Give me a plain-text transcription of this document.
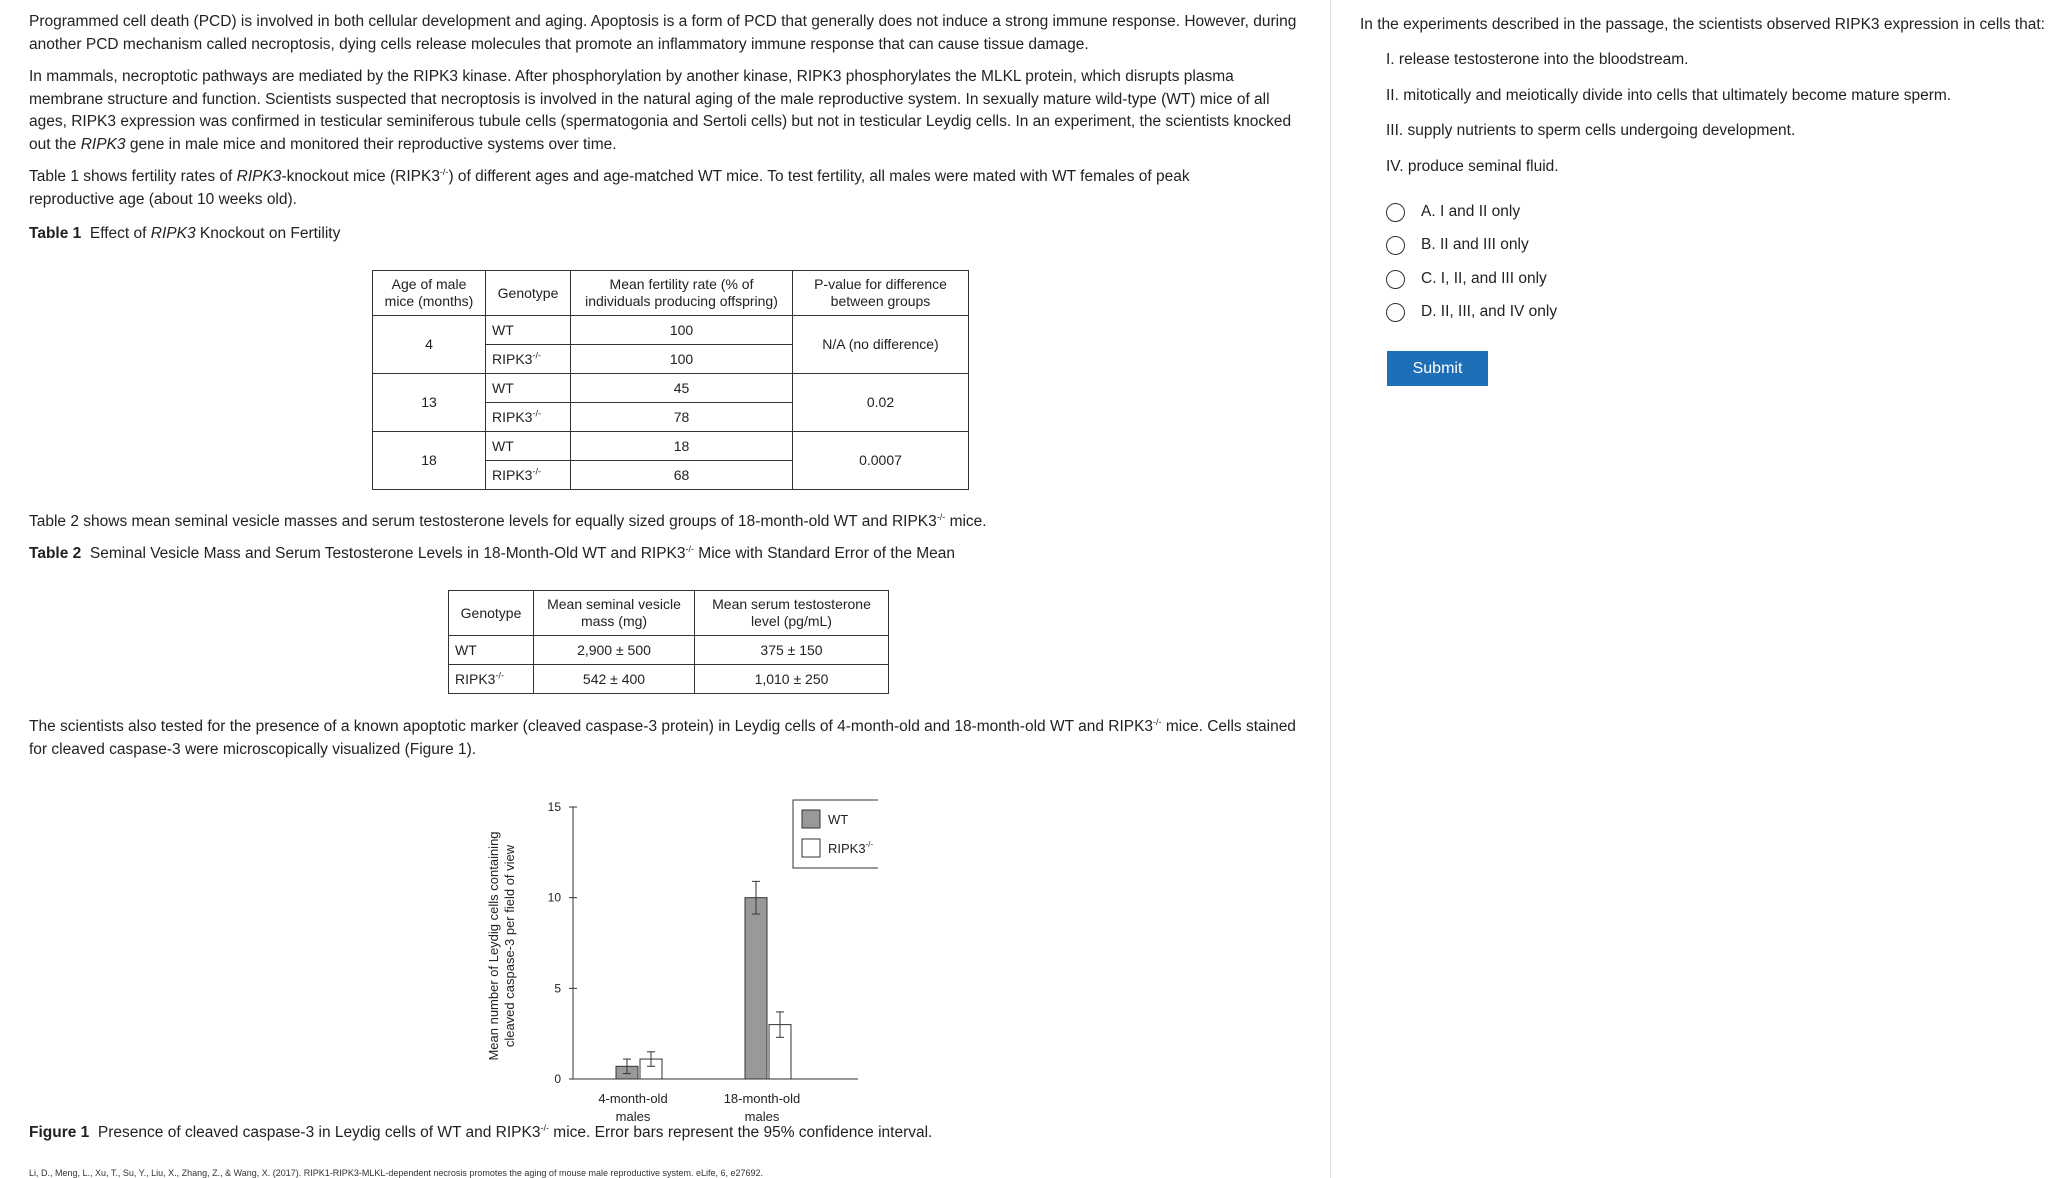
Programmed cell death (PCD) is involved in both cellular development and aging. Apoptosis is a form of PCD that generally does not induce a strong immune response. However, during another PCD mechanism called necroptosis, dying cells release molecules that promote an inflammatory immune response that can cause tissue damage.

In mammals, necroptotic pathways are mediated by the RIPK3 kinase. After phosphorylation by another kinase, RIPK3 phosphorylates the MLKL protein, which disrupts plasma membrane structure and function. Scientists suspected that necroptosis is involved in the natural aging of the male reproductive system. In sexually mature wild-type (WT) mice of all ages, RIPK3 expression was confirmed in testicular seminiferous tubule cells (spermatogonia and Sertoli cells) but not in testicular Leydig cells. In an experiment, the scientists knocked out the RIPK3 gene in male mice and monitored their reproductive systems over time.

Table 1 shows fertility rates of RIPK3-knockout mice (RIPK3-/-) of different ages and age-matched WT mice. To test fertility, all males were mated with WT females of peak reproductive age (about 10 weeks old).

Table 1 Effect of RIPK3 Knockout on Fertility
Age of male mice (months)	Genotype	Mean fertility rate (% of individuals producing offspring)	P-value for difference between groups
4	WT	100	N/A (no difference)
	RIPK3-/-	100	
13	WT	45	0.02
	RIPK3-/-	78	
18	WT	18	0.0007
	RIPK3-/-	68	

Table 2 shows mean seminal vesicle masses and serum testosterone levels for equally sized groups of 18-month-old WT and RIPK3-/- mice.

Table 2 Seminal Vesicle Mass and Serum Testosterone Levels in 18-Month-Old WT and RIPK3-/- Mice with Standard Error of the Mean
Genotype	Mean seminal vesicle mass (mg)	Mean serum testosterone level (pg/mL)
WT	2,900 ± 500	375 ± 150
RIPK3-/-	542 ± 400	1,010 ± 250

The scientists also tested for the presence of a known apoptotic marker (cleaved caspase-3 protein) in Leydig cells of 4-month-old and 18-month-old WT and RIPK3-/- mice. Cells stained for cleaved caspase-3 were microscopically visualized (Figure 1).

0
5
10
15
Mean number of Leydig cells containing cleaved caspase-3 per field of view
4-month-old
males
18-month-old
males
WT
RIPK3-/-
Figure 1 Presence of cleaved caspase-3 in Leydig cells of WT and RIPK3-/- mice. Error bars represent the 95% confidence interval.
Li, D., Meng, L., Xu, T., Su, Y., Liu, X., Zhang, Z., & Wang, X. (2017). RIPK1-RIPK3-MLKL-dependent necrosis promotes the aging of mouse male reproductive system. eLife, 6, e27692.
In the experiments described in the passage, the scientists observed RIPK3 expression in cells that:
I. release testosterone into the bloodstream.
II. mitotically and meiotically divide into cells that ultimately become mature sperm.
III. supply nutrients to sperm cells undergoing development.
IV. produce seminal fluid.
A. I and II only
B. II and III only
C. I, II, and III only
D. II, III, and IV only
Submit
